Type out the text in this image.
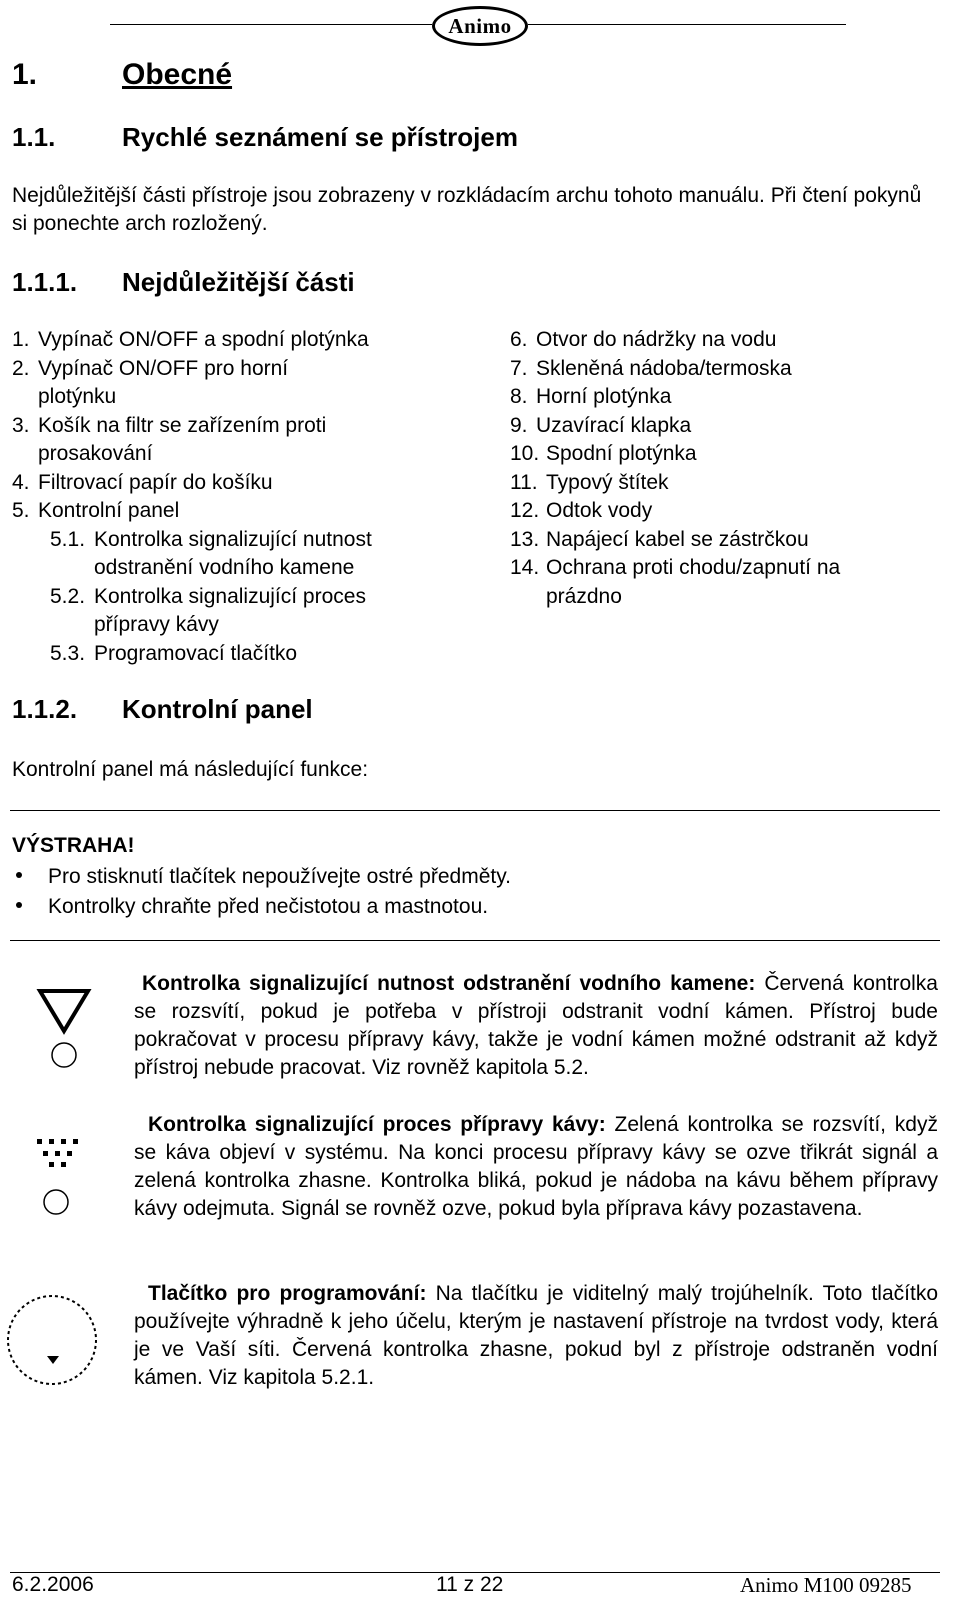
Animo
1.	Obecné
1.1.	Rychlé seznámení se přístrojem
Nejdůležitější části přístroje jsou zobrazeny v rozkládacím archu tohoto manuálu. Při čtení pokynů si ponechte arch rozložený.
1.1.1. Nejdůležitější části
1. Vypínač ON/OFF a spodní plotýnka
2. Vypínač ON/OFF pro horní plotýnku
3. Košík na filtr se zařízením proti prosakování
4. Filtrovací papír do košíku
5. Kontrolní panel
5.1. Kontrolka signalizující nutnost odstranění vodního kamene
5.2. Kontrolka signalizující proces přípravy kávy
5.3. Programovací tlačítko
6. Otvor do nádržky na vodu
7. Skleněná nádoba/termoska
8. Horní plotýnka
9. Uzavírací klapka
10. Spodní plotýnka
11. Typový štítek
12. Odtok vody
13. Napájecí kabel se zástrčkou
14. Ochrana proti chodu/zapnutí na prázdno
1.1.2. Kontrolní panel
Kontrolní panel má následující funkce:
VÝSTRAHA!
Pro stisknutí tlačítek nepoužívejte ostré předměty.
Kontrolky chraňte před nečistotou a mastnotou.
Kontrolka signalizující nutnost odstranění vodního kamene: Červená kontrolka se rozsvítí, pokud je potřeba v přístroji odstranit vodní kámen. Přístroj bude pokračovat v procesu přípravy kávy, takže je vodní kámen možné odstranit až když přístroj nebude pracovat. Viz rovněž kapitola 5.2.
Kontrolka signalizující proces přípravy kávy: Zelená kontrolka se rozsvítí, když se káva objeví v systému. Na konci procesu přípravy kávy se ozve třikrát signál a zelená kontrolka zhasne. Kontrolka bliká, pokud je nádoba na kávu během přípravy kávy odejmuta. Signál se rovněž ozve, pokud byla příprava kávy pozastavena.
Tlačítko pro programování: Na tlačítku je viditelný malý trojúhelník. Toto tlačítko používejte výhradně k jeho účelu, kterým je nastavení přístroje na tvrdost vody, která je ve Vaší síti. Červená kontrolka zhasne, pokud byl z přístroje odstraněn vodní kámen. Viz kapitola 5.2.1.
6.2.2006	11 z 22	Animo M100 09285
